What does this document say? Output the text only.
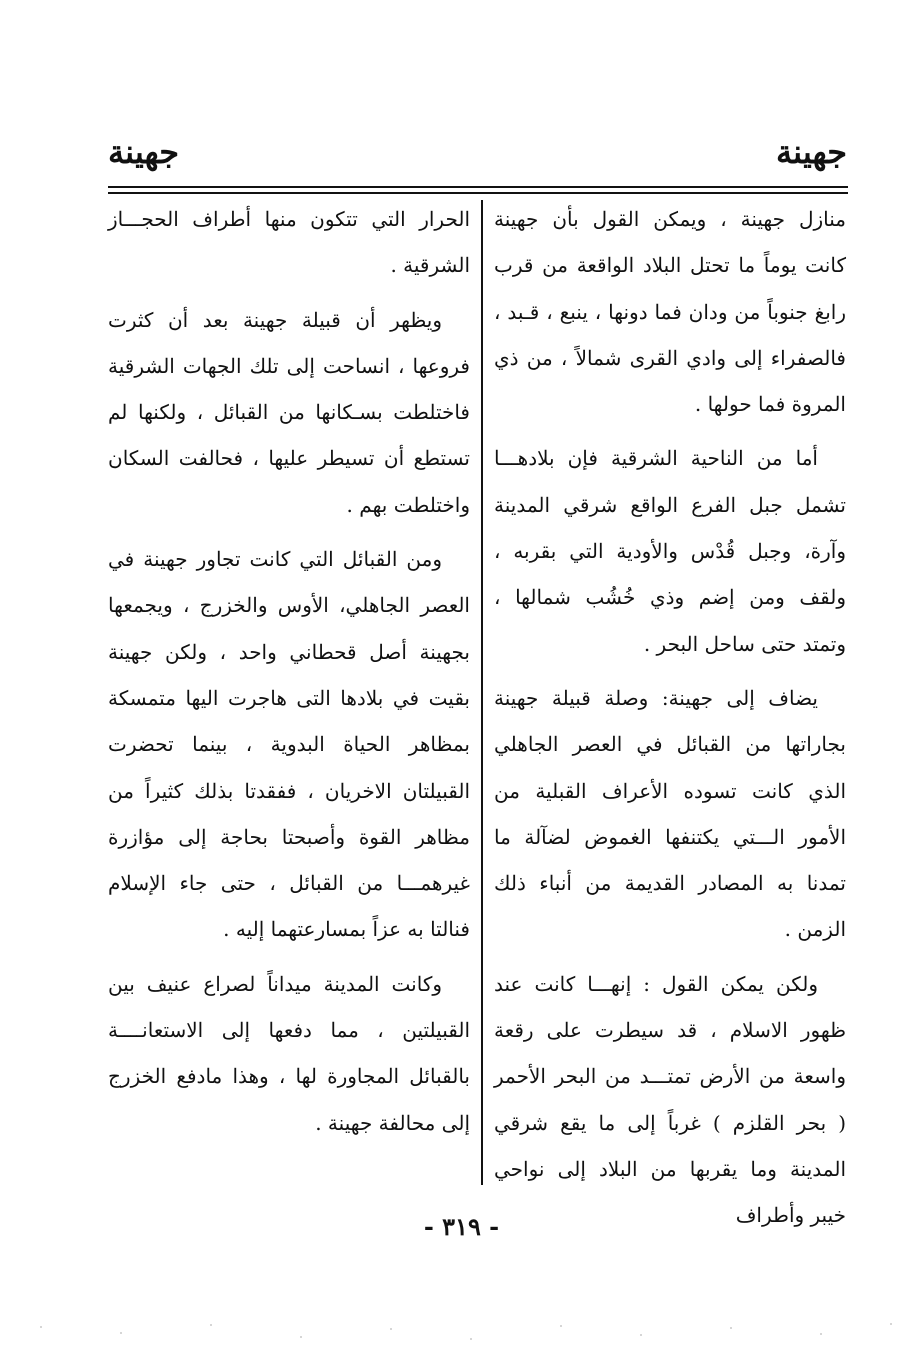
جهينة
جهينة

منازل جهينة ، ويمكن القول بأن جهينة كانت يوماً ما تحتل البلاد الواقعة من قرب رابغ جنوباً من ودان فما دونها ، ينبع ، قـبد ، فالصفراء إلى وادي القرى شمالاً ، من ذي المروة فما حولها .

أما من الناحية الشرقية فإن بلادهـــا تشمل جبل الفرع الواقع شرقي المدينة وآرة، وجبل قُدْس والأودية التي بقربه ، ولقف ومن إضم وذي خُشُب شمالها ، وتمتد حتى ساحل البحر .

يضاف إلى جهينة: وصلة قبيلة جهينة بجاراتها من القبائل في العصر الجاهلي الذي كانت تسوده الأعراف القبلية من الأمور الـــتي يكتنفها الغموض لضآلة ما تمدنا به المصادر القديمة من أنباء ذلك الزمن .

ولكن يمكن القول : إنهـــا كانت عند ظهور الاسلام ، قد سيطرت على رقعة واسعة من الأرض تمتـــد من البحر الأحمر ( بحر القلزم ) غرباً إلى ما يقع شرقي المدينة وما يقربها من البلاد إلى نواحي خيبر وأطراف

الحرار التي تتكون منها أطراف الحجـــاز الشرقية .

ويظهر أن قبيلة جهينة بعد أن كثرت فروعها ، انساحت إلى تلك الجهات الشرقية فاختلطت بسـكانها من القبائل ، ولكنها لم تستطع أن تسيطر عليها ، فحالفت السكان واختلطت بهم .

ومن القبائل التي كانت تجاور جهينة في العصر الجاهلي، الأوس والخزرج ، ويجمعها بجهينة أصل قحطاني واحد ، ولكن جهينة بقيت في بلادها التى هاجرت اليها متمسكة بمظاهر الحياة البدوية ، بينما تحضرت القبيلتان الاخريان ، ففقدتا بذلك كثيراً من مظاهر القوة وأصبحتا بحاجة إلى مؤازرة غيرهمـــا من القبائل ، حتى جاء الإسلام فنالتا به عزاً بمسارعتهما إليه .

وكانت المدينة ميداناً لصراع عنيف بين القبيلتين ، مما دفعها إلى الاستعانــــة بالقبائل المجاورة لها ، وهذا مادفع الخزرج إلى محالفة جهينة .

- ٣١٩ -
